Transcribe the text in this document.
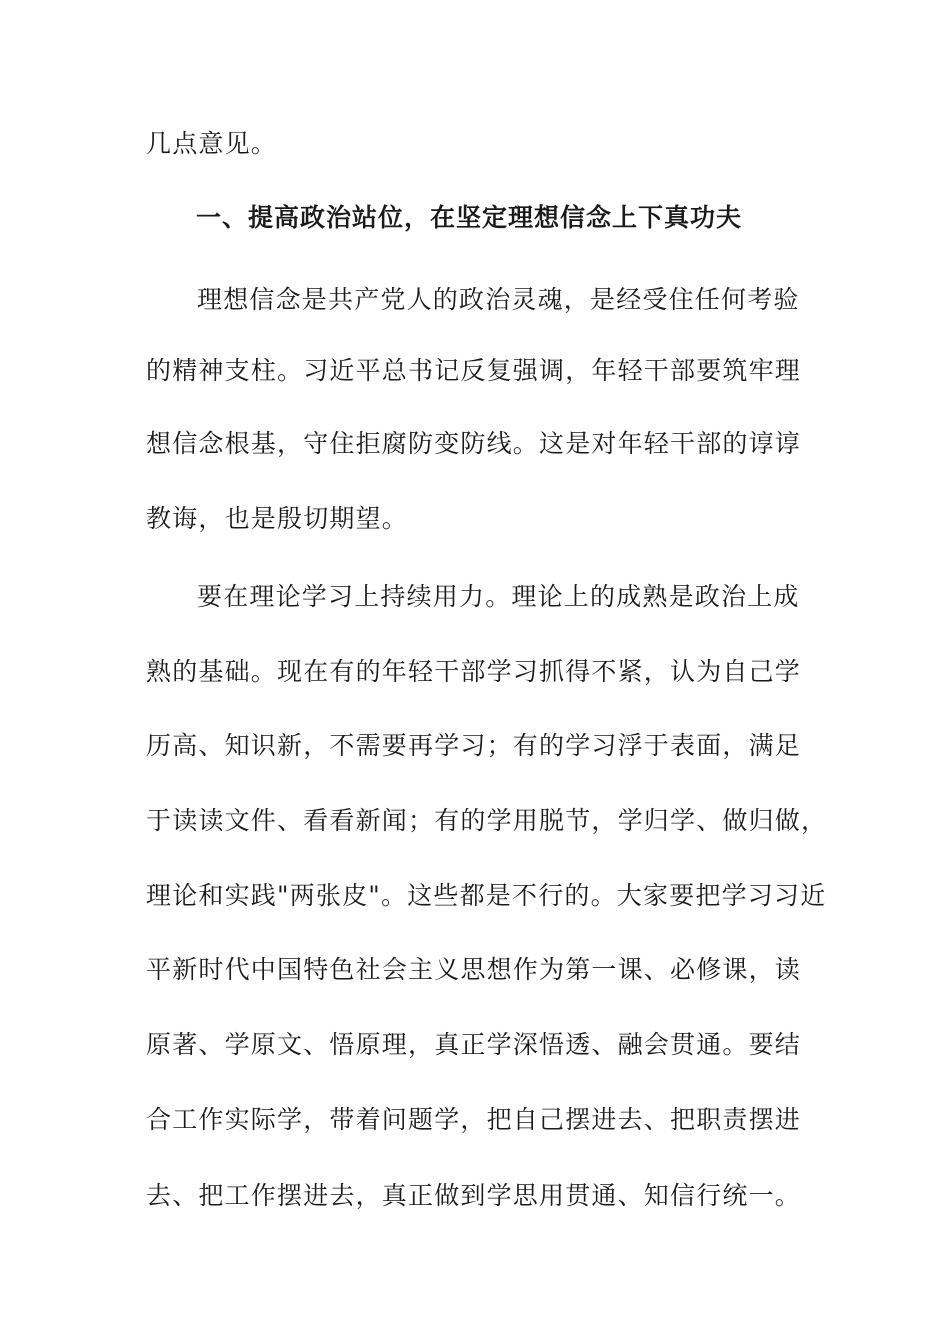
几点意见。
一、提高政治站位，在坚定理想信念上下真功夫
理想信念是共产党人的政治灵魂，是经受住任何考验
的精神支柱。习近平总书记反复强调，年轻干部要筑牢理
想信念根基，守住拒腐防变防线。这是对年轻干部的谆谆
教诲，也是殷切期望。
要在理论学习上持续用力。理论上的成熟是政治上成
熟的基础。现在有的年轻干部学习抓得不紧，认为自己学
历高、知识新，不需要再学习；有的学习浮于表面，满足
于读读文件、看看新闻；有的学用脱节，学归学、做归做，
理论和实践"两张皮"。这些都是不行的。大家要把学习习近
平新时代中国特色社会主义思想作为第一课、必修课，读
原著、学原文、悟原理，真正学深悟透、融会贯通。要结
合工作实际学，带着问题学，把自己摆进去、把职责摆进
去、把工作摆进去，真正做到学思用贯通、知信行统一。
